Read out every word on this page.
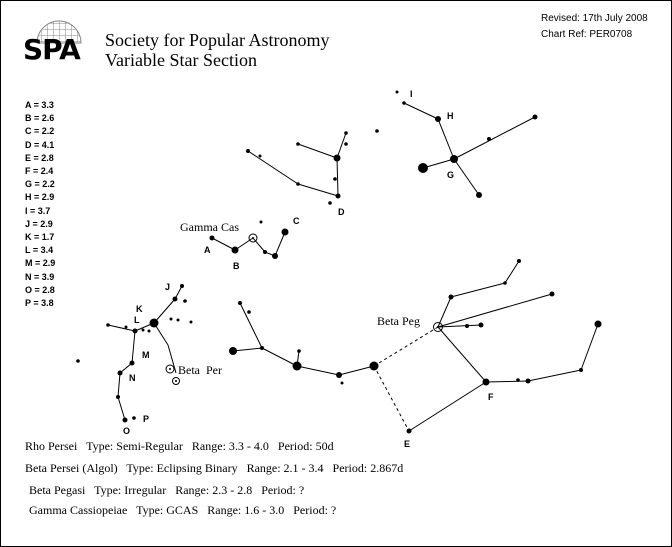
SPA	Society for Popular Astronomy
Variable Star Section
Revised: 17th July 2008
Chart Ref: PER0708
A = 3.3
B = 2.6
C = 2.2
D = 4.1
E = 2.8
F = 2.4
G = 2.2
H = 2.9
I = 3.7
J = 2.9
K = 1.7
L = 3.4
M = 2.9
N = 3.9
O = 2.8
P = 3.8
A
B
C
D
E
F
G
H
I
J
K
L
M
N
O
P
Gamma Cas
Beta Peg
Beta  Per
Rho Persei   Type: Semi-Regular   Range: 3.3 - 4.0   Period: 50d
Beta Persei (Algol)   Type: Eclipsing Binary   Range: 2.1 - 3.4   Period: 2.867d
Beta Pegasi   Type: Irregular   Range: 2.3 - 2.8   Period: ?
Gamma Cassiopeiae   Type: GCAS   Range: 1.6 - 3.0   Period: ?
